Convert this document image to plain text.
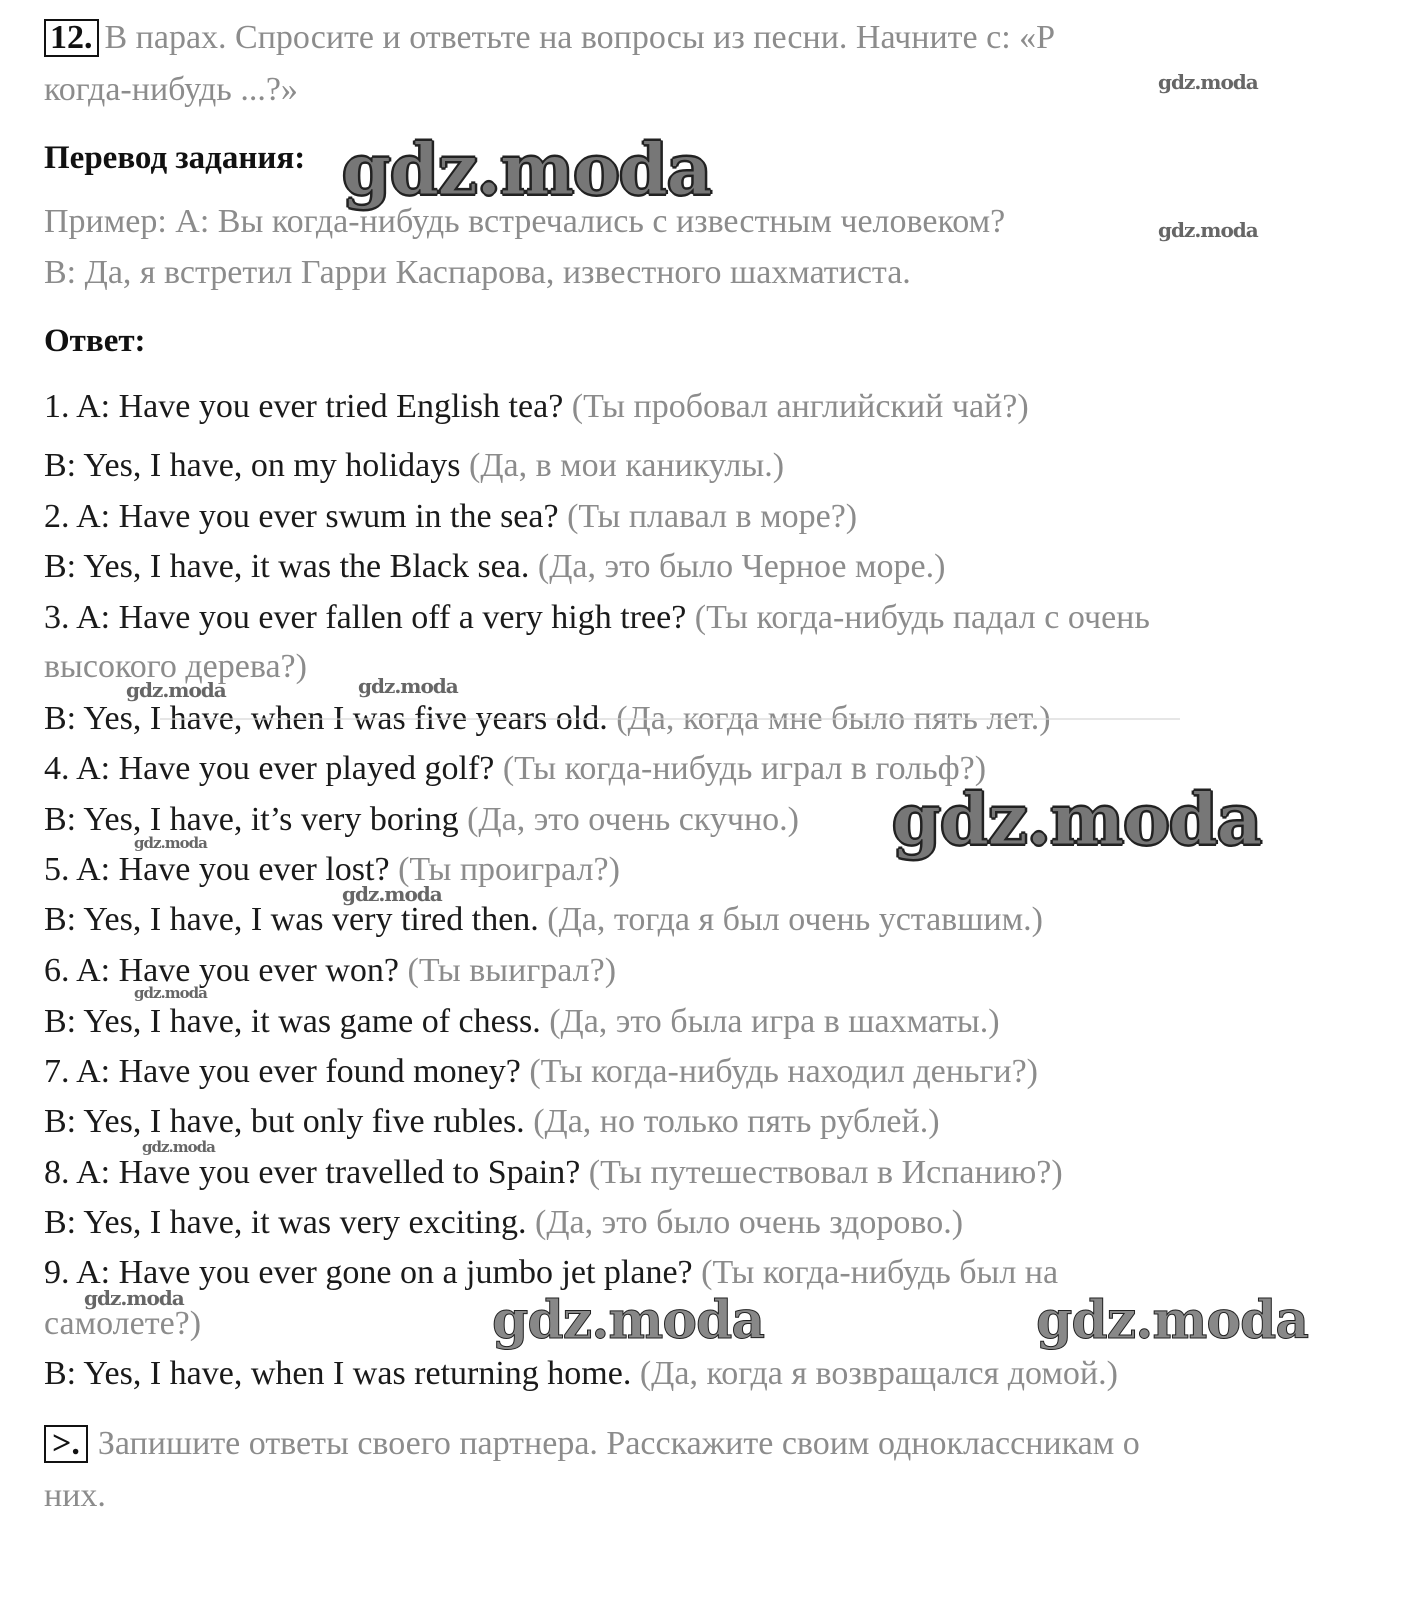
12. В парах. Спросите и ответьте на вопросы из песни. Начните с: «Р
когда-нибудь ...?»
Перевод задания:
Пример: А: Вы когда-нибудь встречались с известным человеком?
В: Да, я встретил Гарри Каспарова, известного шахматиста.
Ответ:
1. A: Have you ever tried English tea? (Ты пробовал английский чай?)
B: Yes, I have, on my holidays (Да, в мои каникулы.)
2. A: Have you ever swum in the sea? (Ты плавал в море?)
B: Yes, I have, it was the Black sea. (Да, это было Черное море.)
3. A: Have you ever fallen off a very high tree? (Ты когда-нибудь падал с очень
высокого дерева?)
B: Yes, I have, when I was five years old. (Да, когда мне было пять лет.)
4. A: Have you ever played golf? (Ты когда-нибудь играл в гольф?)
B: Yes, I have, it’s very boring (Да, это очень скучно.)
5. A: Have you ever lost? (Ты проиграл?)
B: Yes, I have, I was very tired then. (Да, тогда я был очень уставшим.)
6. A: Have you ever won? (Ты выиграл?)
B: Yes, I have, it was game of chess. (Да, это была игра в шахматы.)
7. A: Have you ever found money? (Ты когда-нибудь находил деньги?)
B: Yes, I have, but only five rubles. (Да, но только пять рублей.)
8. A: Have you ever travelled to Spain? (Ты путешествовал в Испанию?)
B: Yes, I have, it was very exciting. (Да, это было очень здорово.)
9. A: Have you ever gone on a jumbo jet plane? (Ты когда-нибудь был на
самолете?)
B: Yes, I have, when I was returning home. (Да, когда я возвращался домой.)
>. Запишите ответы своего партнера. Расскажите своим одноклассникам о
них.
gdz.moda
gdz.moda
gdz.moda
gdz.moda	gdz.moda
gdz.moda
gdz.moda
gdz.moda
gdz.moda
gdz.moda
gdz.moda	gdz.moda	gdz.moda
